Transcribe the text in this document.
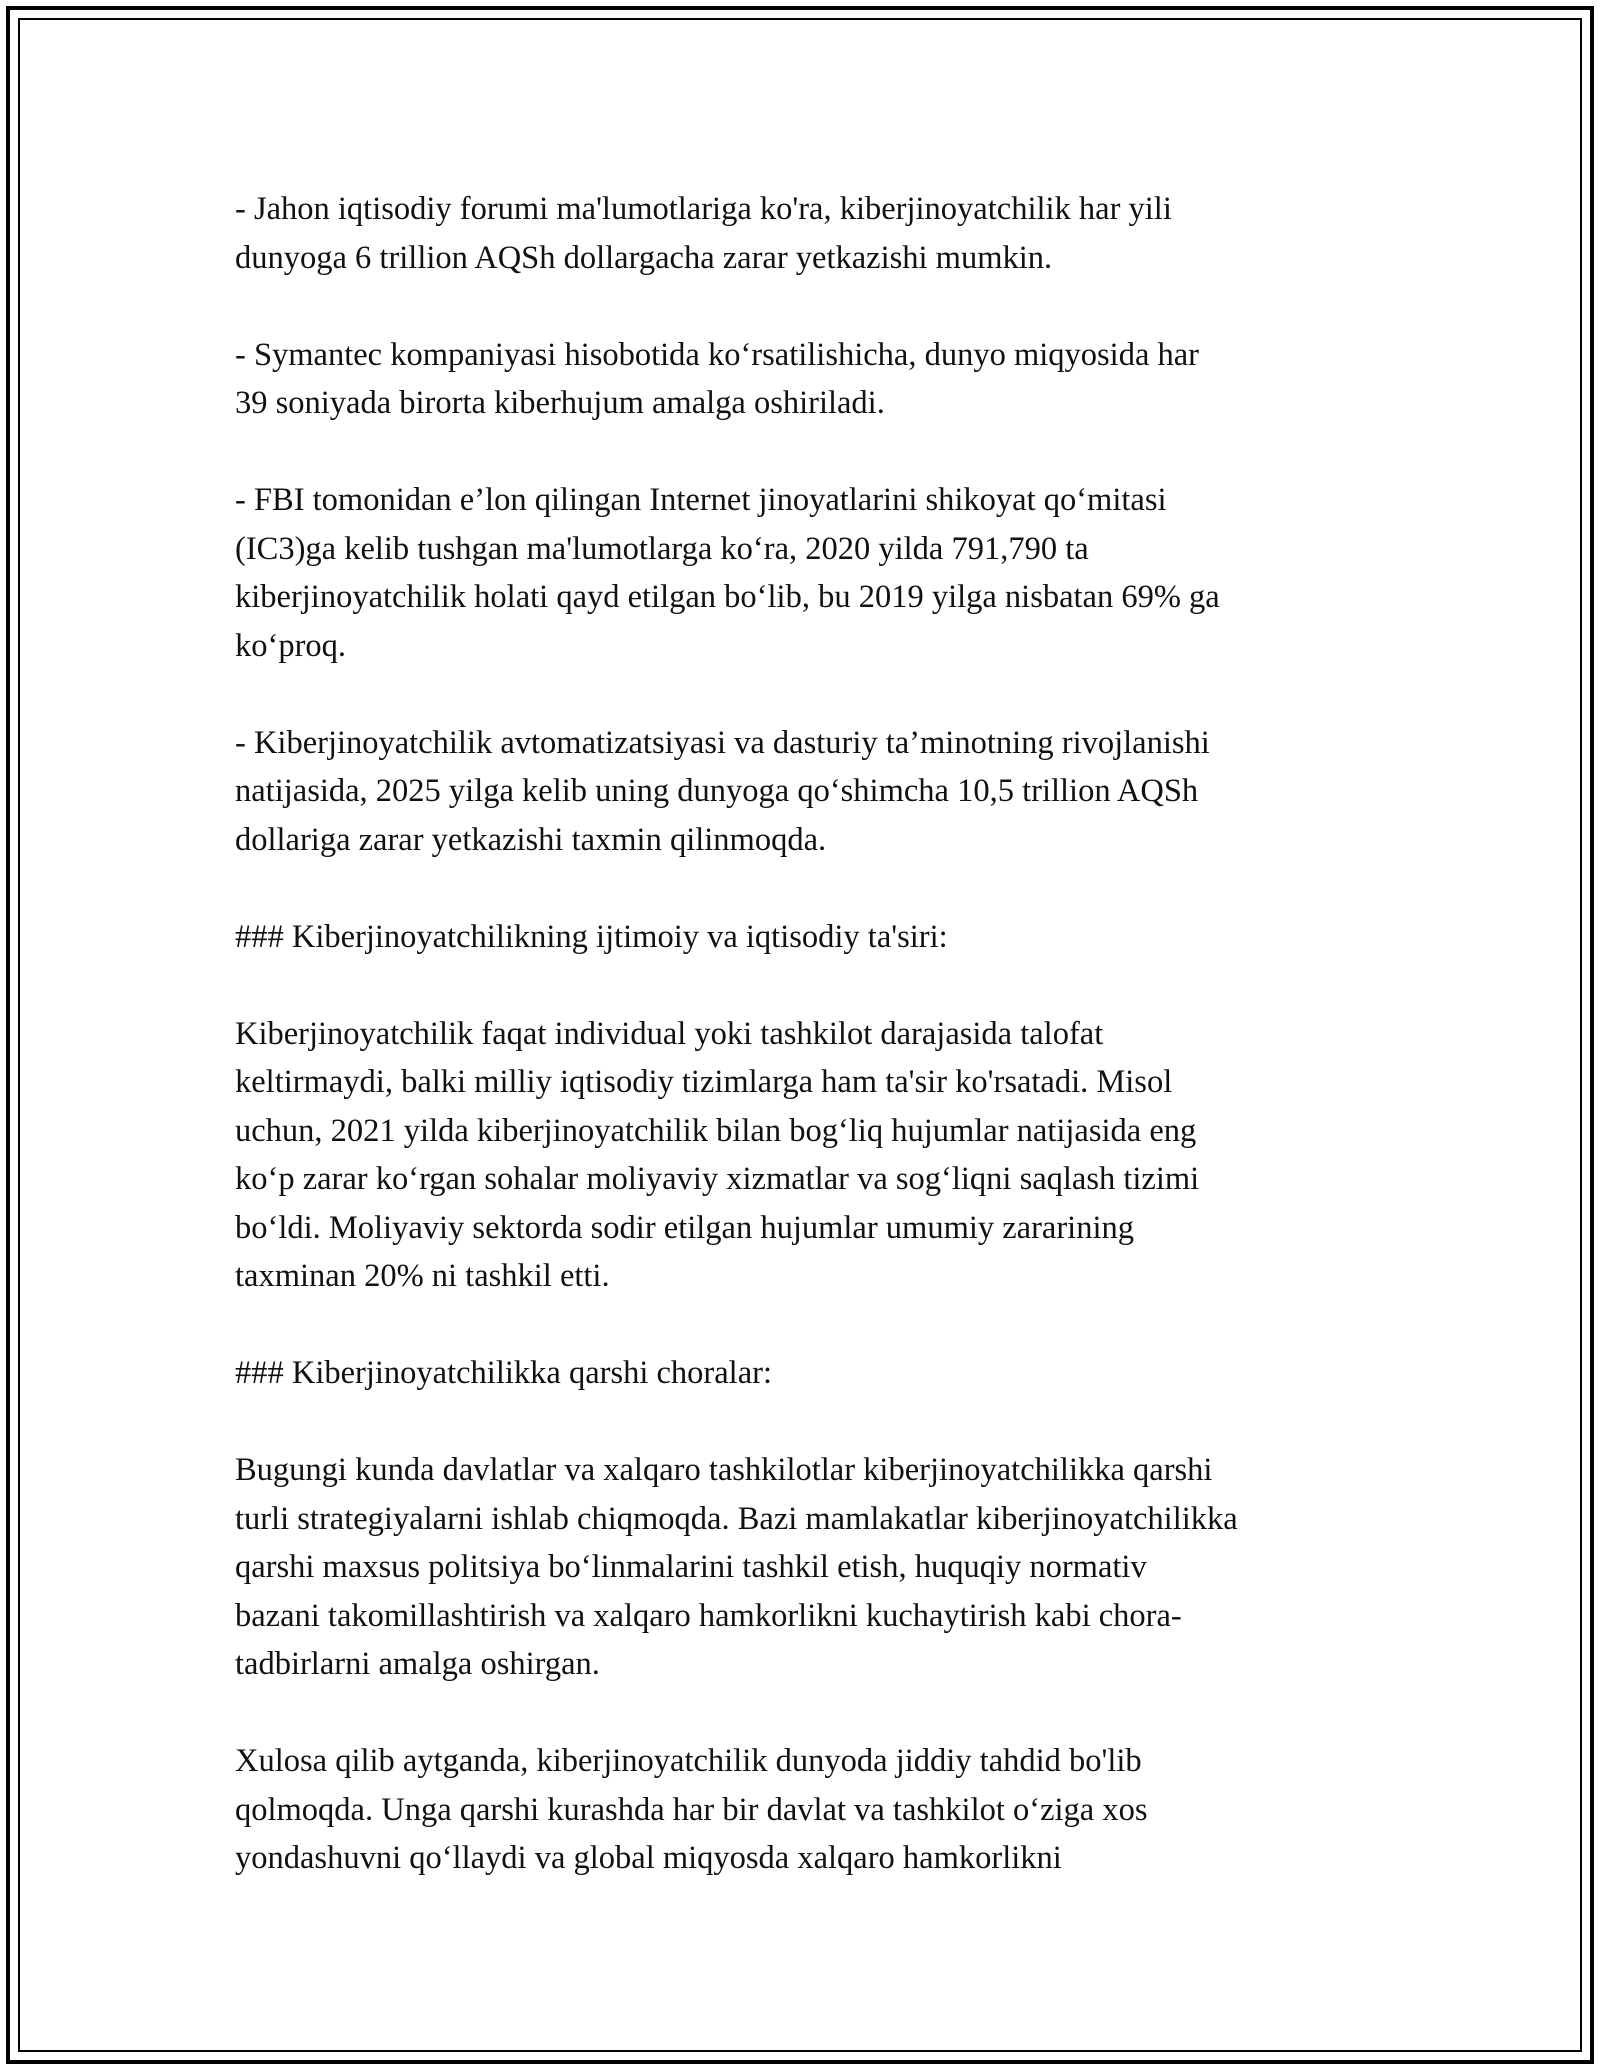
- Jahon iqtisodiy forumi ma'lumotlariga ko'ra, kiberjinoyatchilik har yili
dunyoga 6 trillion AQSh dollargacha zarar yetkazishi mumkin.

- Symantec kompaniyasi hisobotida ko‘rsatilishicha, dunyo miqyosida har
39 soniyada birorta kiberhujum amalga oshiriladi.

- FBI tomonidan e’lon qilingan Internet jinoyatlarini shikoyat qo‘mitasi
(IC3)ga kelib tushgan ma'lumotlarga ko‘ra, 2020 yilda 791,790 ta
kiberjinoyatchilik holati qayd etilgan bo‘lib, bu 2019 yilga nisbatan 69% ga
ko‘proq.

- Kiberjinoyatchilik avtomatizatsiyasi va dasturiy ta’minotning rivojlanishi
natijasida, 2025 yilga kelib uning dunyoga qo‘shimcha 10,5 trillion AQSh
dollariga zarar yetkazishi taxmin qilinmoqda.

### Kiberjinoyatchilikning ijtimoiy va iqtisodiy ta'siri:

Kiberjinoyatchilik faqat individual yoki tashkilot darajasida talofat
keltirmaydi, balki milliy iqtisodiy tizimlarga ham ta'sir ko'rsatadi. Misol
uchun, 2021 yilda kiberjinoyatchilik bilan bog‘liq hujumlar natijasida eng
ko‘p zarar ko‘rgan sohalar moliyaviy xizmatlar va sog‘liqni saqlash tizimi
bo‘ldi. Moliyaviy sektorda sodir etilgan hujumlar umumiy zararining
taxminan 20% ni tashkil etti.

### Kiberjinoyatchilikka qarshi choralar:

Bugungi kunda davlatlar va xalqaro tashkilotlar kiberjinoyatchilikka qarshi
turli strategiyalarni ishlab chiqmoqda. Bazi mamlakatlar kiberjinoyatchilikka
qarshi maxsus politsiya bo‘linmalarini tashkil etish, huquqiy normativ
bazani takomillashtirish va xalqaro hamkorlikni kuchaytirish kabi chora-
tadbirlarni amalga oshirgan.

Xulosa qilib aytganda, kiberjinoyatchilik dunyoda jiddiy tahdid bo'lib
qolmoqda. Unga qarshi kurashda har bir davlat va tashkilot o‘ziga xos
yondashuvni qo‘llaydi va global miqyosda xalqaro hamkorlikni
